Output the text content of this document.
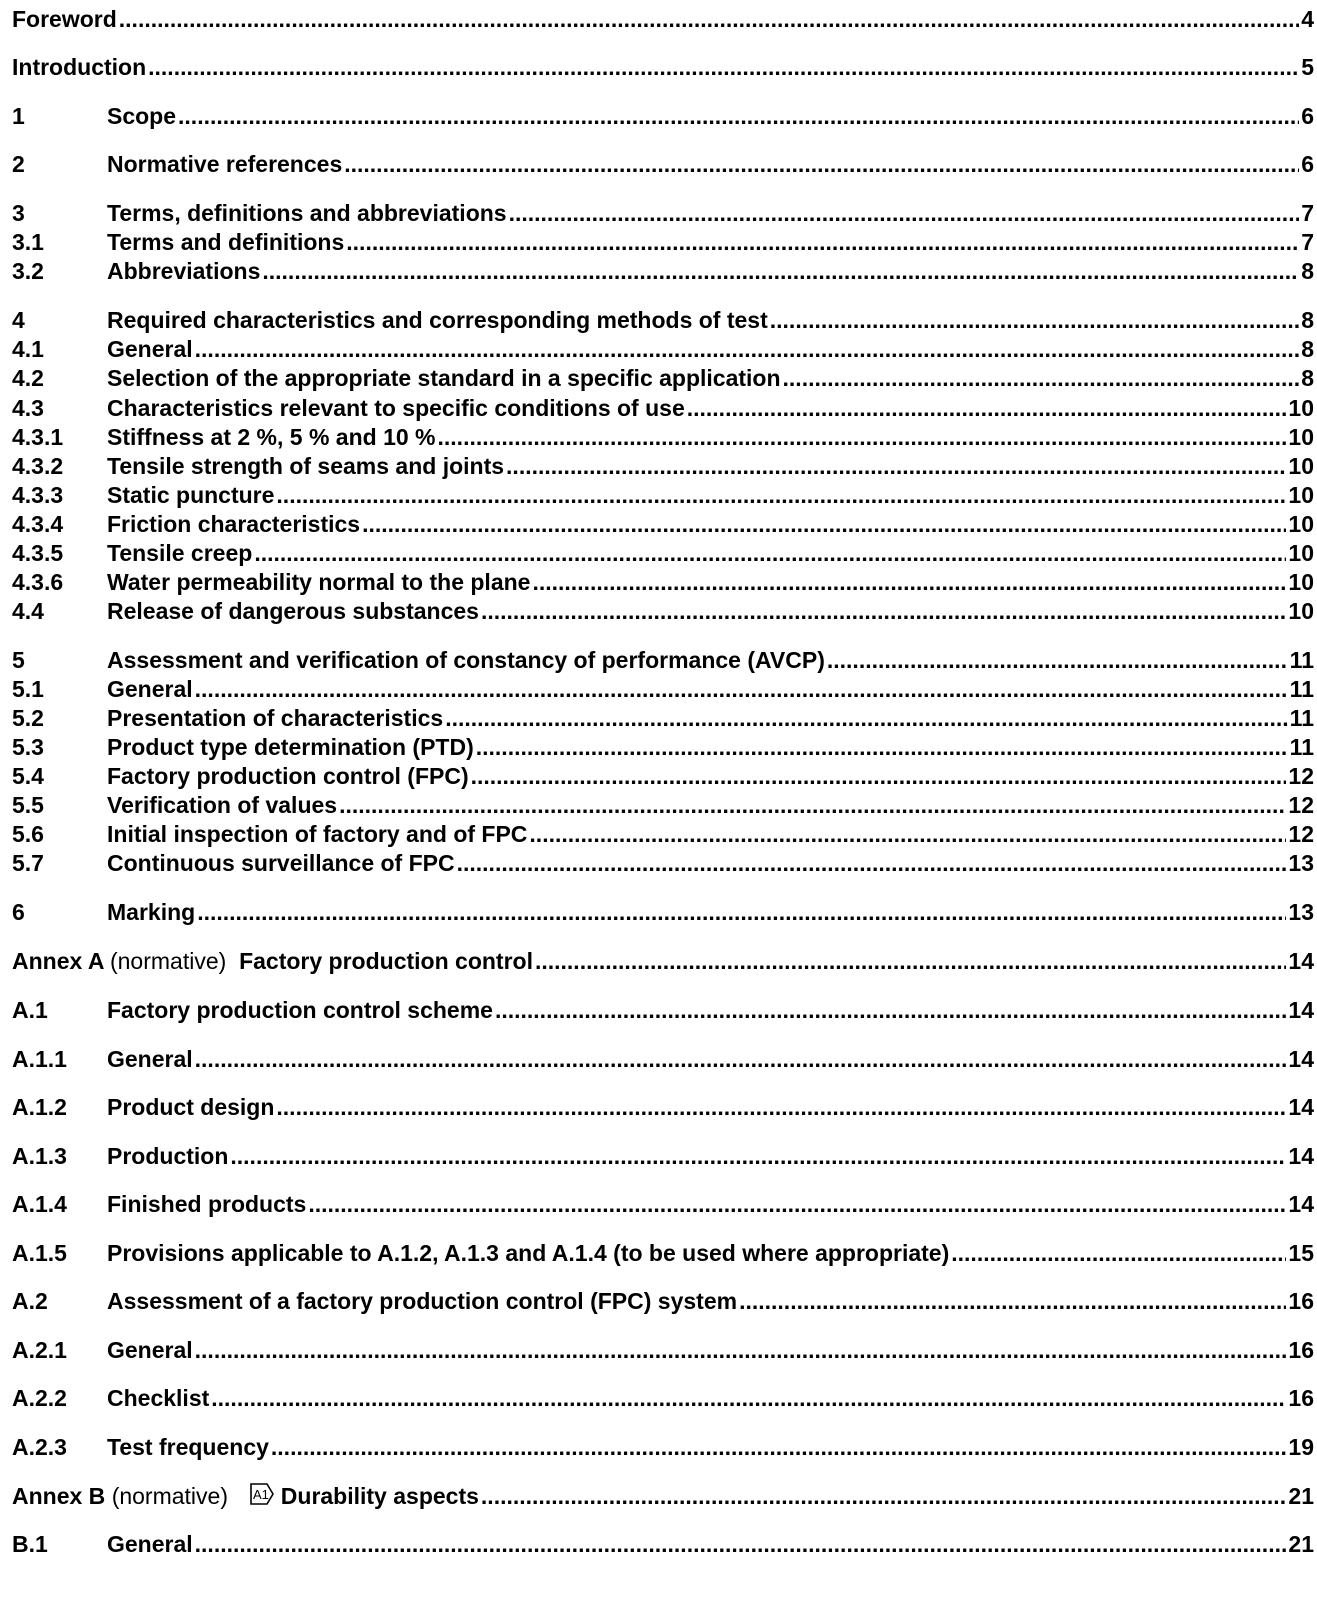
Foreword .....	4
Introduction .....	5
1	Scope .....	6
2	Normative references .....	6
3	Terms, definitions and abbreviations .....	7
3.1	Terms and definitions .....	7
3.2	Abbreviations .....	8
4	Required characteristics and corresponding methods of test .....	8
4.1	General .....	8
4.2	Selection of the appropriate standard in a specific application .....	8
4.3	Characteristics relevant to specific conditions of use .....	10
4.3.1	Stiffness at 2 %, 5 % and 10 % .....	10
4.3.2	Tensile strength of seams and joints .....	10
4.3.3	Static puncture .....	10
4.3.4	Friction characteristics .....	10
4.3.5	Tensile creep .....	10
4.3.6	Water permeability normal to the plane .....	10
4.4	Release of dangerous substances .....	10
5	Assessment and verification of constancy of performance (AVCP) .....	11
5.1	General .....	11
5.2	Presentation of characteristics .....	11
5.3	Product type determination (PTD) .....	11
5.4	Factory production control (FPC) .....	12
5.5	Verification of values .....	12
5.6	Initial inspection of factory and of FPC .....	12
5.7	Continuous surveillance of FPC .....	13
6	Marking .....	13
Annex A (normative) Factory production control .....	14
A.1	Factory production control scheme .....	14
A.1.1	General .....	14
A.1.2	Product design .....	14
A.1.3	Production .....	14
A.1.4	Finished products .....	14
A.1.5	Provisions applicable to A.1.2, A.1.3 and A.1.4 (to be used where appropriate) .....	15
A.2	Assessment of a factory production control (FPC) system .....	16
A.2.1	General .....	16
A.2.2	Checklist .....	16
A.2.3	Test frequency .....	19
Annex B (normative) A1 Durability aspects .....	21
B.1	General .....	21
